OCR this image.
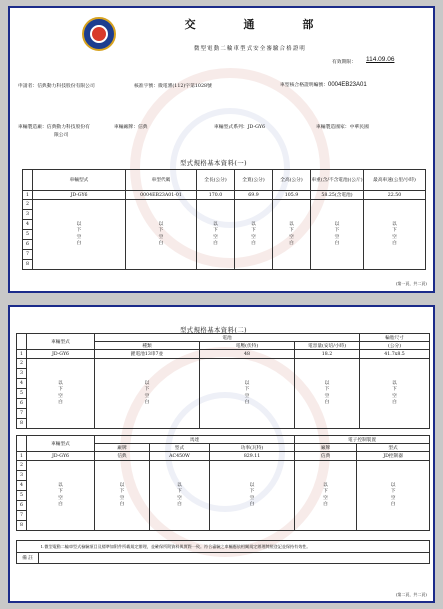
交 通 部
微型電動二輪車型式安全審驗合格證明
有效期限： 114.09.06
申請者：信典動力科技股份有限公司	核准字號：微電審(112)字第1028號	車型核合格證明編號：0004EB23A01
車輛製造廠：信典動力科技股份有
限公司
車輛廠牌：信典	車輛型式系列：JD-GY6	車輛製造國家：中華民國
型式規格基本資料(一)
	車輛型式	車型代碼	全長(公分)	全寬(公分)	全高(公分)	車重(含/不含電池)(公斤)	最高車速(公里/小時)
1	JD-GY6	0004EB23A01-01	170.0	69.9	105.9	58.25(含電池)	22.50
2	以
下
空
白	以
下
空
白	以
下
空
白	以
下
空
白	以
下
空
白	以
下
空
白	以
下
空
白

3							
4							
5							
6							
7							
8							
(第一頁，共二頁)
型式規格基本資料(二)
	車輛型式	電池			輪胎尺寸
		種類	電壓(伏特)	電容量(安培/小時)	(公分)
1	JD-GY6	鋰電池13串7並	48	18.2	41.7x8.5
2	以
下
空
白	以
下
空
白	以
下
空
白	以
下
空
白	以
下
空
白

3					
4					
5					
6					
7					
8					
	車輛型式	馬達			電子控制裝置	
		廠牌	型式	功率(瓦特)	廠牌	型式
1	JD-GY6	信典	AC450W	829.11	信典	JD控制器
2	以
下
空
白	以
下
空
白	以
下
空
白	以
下
空
白	以
下
空
白	以
下
空
白

3						
4						
5						
6						
7						
8						
	1.微型電動二輪車型式檢驗項目及標準如附件所載規定辦理，並確保所附資料與實際一致。符合審驗之車輛應依相關規定辦理牌照登記並保持有效性。
備 註	
(第二頁，共二頁)
